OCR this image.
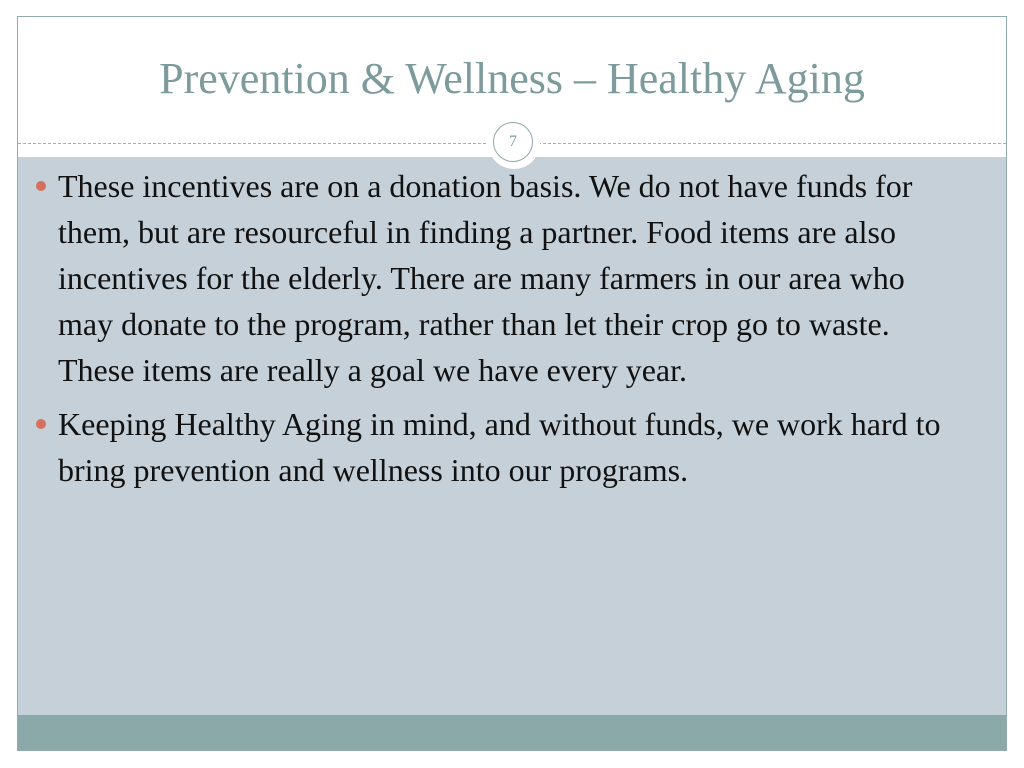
Prevention & Wellness – Healthy Aging
7
These incentives are on a donation basis. We do not have funds for them, but are resourceful in finding a partner. Food items are also incentives for the elderly. There are many farmers in our area who may donate to the program, rather than let their crop go to waste. These items are really a goal we have every year.
Keeping Healthy Aging in mind, and without funds, we work hard to bring prevention and wellness into our programs.
